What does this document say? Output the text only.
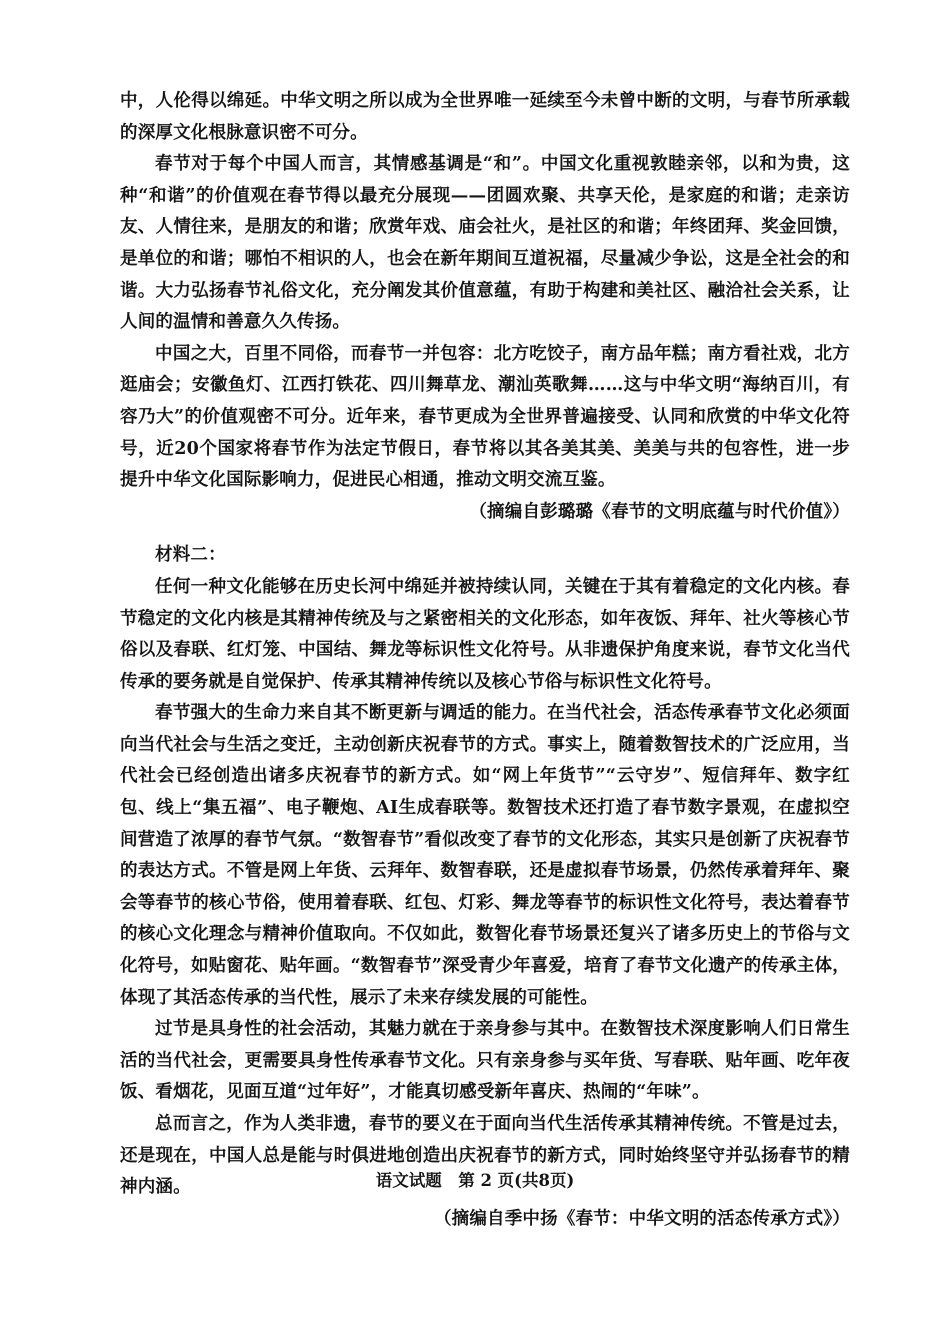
中，人伦得以绵延。中华文明之所以成为全世界唯一延续至今未曾中断的文明，与春节所承载的深厚文化根脉意识密不可分。

春节对于每个中国人而言，其情感基调是“和”。中国文化重视敦睦亲邻，以和为贵，这种“和谐”的价值观在春节得以最充分展现——团圆欢聚、共享天伦，是家庭的和谐；走亲访友、人情往来，是朋友的和谐；欣赏年戏、庙会社火，是社区的和谐；年终团拜、奖金回馈，是单位的和谐；哪怕不相识的人，也会在新年期间互道祝福，尽量减少争讼，这是全社会的和谐。大力弘扬春节礼俗文化，充分阐发其价值意蕴，有助于构建和美社区、融洽社会关系，让人间的温情和善意久久传扬。

中国之大，百里不同俗，而春节一并包容：北方吃饺子，南方品年糕；南方看社戏，北方逛庙会；安徽鱼灯、江西打铁花、四川舞草龙、潮汕英歌舞……这与中华文明“海纳百川，有容乃大”的价值观密不可分。近年来，春节更成为全世界普遍接受、认同和欣赏的中华文化符号，近20个国家将春节作为法定节假日，春节将以其各美其美、美美与共的包容性，进一步提升中华文化国际影响力，促进民心相通，推动文明交流互鉴。

（摘编自彭璐璐《春节的文明底蕴与时代价值》）

材料二：

任何一种文化能够在历史长河中绵延并被持续认同，关键在于其有着稳定的文化内核。春节稳定的文化内核是其精神传统及与之紧密相关的文化形态，如年夜饭、拜年、社火等核心节俗以及春联、红灯笼、中国结、舞龙等标识性文化符号。从非遗保护角度来说，春节文化当代传承的要务就是自觉保护、传承其精神传统以及核心节俗与标识性文化符号。

春节强大的生命力来自其不断更新与调适的能力。在当代社会，活态传承春节文化必须面向当代社会与生活之变迁，主动创新庆祝春节的方式。事实上，随着数智技术的广泛应用，当代社会已经创造出诸多庆祝春节的新方式。如“网上年货节”“云守岁”、短信拜年、数字红包、线上“集五福”、电子鞭炮、AI生成春联等。数智技术还打造了春节数字景观，在虚拟空间营造了浓厚的春节气氛。“数智春节”看似改变了春节的文化形态，其实只是创新了庆祝春节的表达方式。不管是网上年货、云拜年、数智春联，还是虚拟春节场景，仍然传承着拜年、聚会等春节的核心节俗，使用着春联、红包、灯彩、舞龙等春节的标识性文化符号，表达着春节的核心文化理念与精神价值取向。不仅如此，数智化春节场景还复兴了诸多历史上的节俗与文化符号，如贴窗花、贴年画。“数智春节”深受青少年喜爱，培育了春节文化遗产的传承主体，体现了其活态传承的当代性，展示了未来存续发展的可能性。

过节是具身性的社会活动，其魅力就在于亲身参与其中。在数智技术深度影响人们日常生活的当代社会，更需要具身性传承春节文化。只有亲身参与买年货、写春联、贴年画、吃年夜饭、看烟花，见面互道“过年好”，才能真切感受新年喜庆、热闹的“年味”。

总而言之，作为人类非遗，春节的要义在于面向当代生活传承其精神传统。不管是过去，还是现在，中国人总是能与时俱进地创造出庆祝春节的新方式，同时始终坚守并弘扬春节的精神内涵。

（摘编自季中扬《春节：中华文明的活态传承方式》）

语文试题　第 2 页(共8页)
